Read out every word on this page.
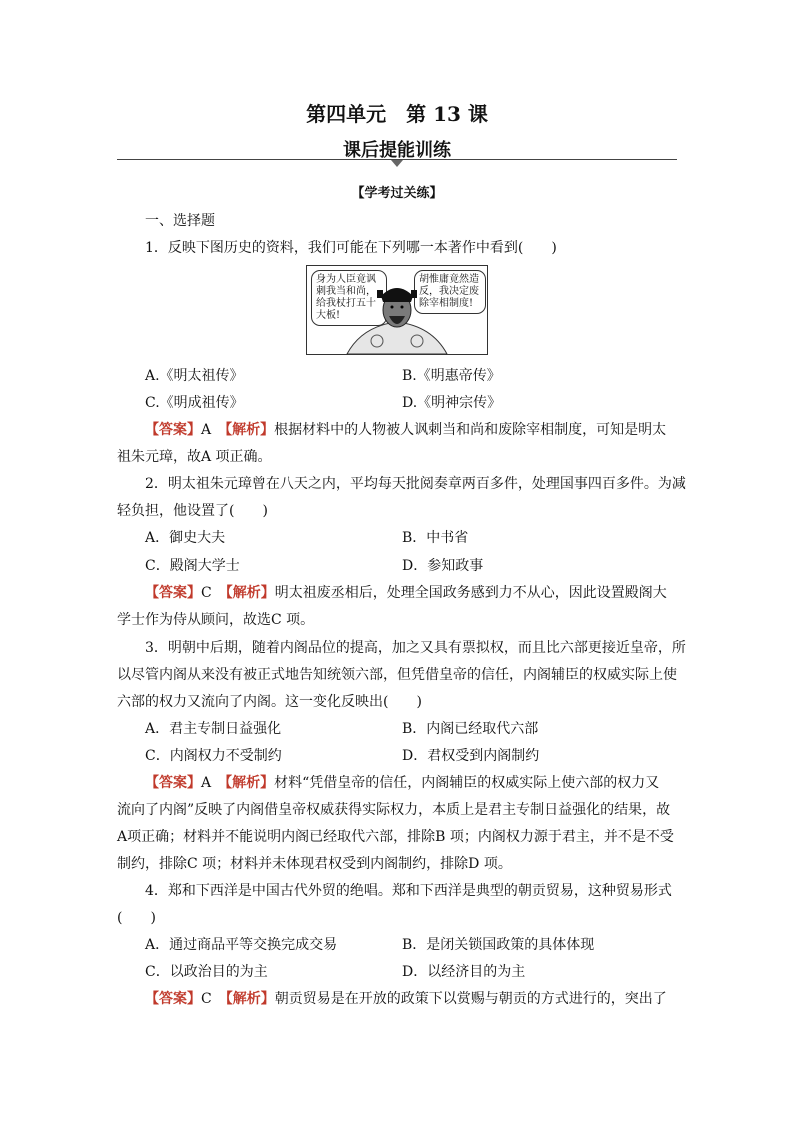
第四单元　第 13 课
课后提能训练
【学考过关练】
一、选择题
1．反映下图历史的资料，我们可能在下列哪一本著作中看到(　　)
身为人臣竟讽刺我当和尚，给我杖打五十大板!
胡惟庸竟然造反，我决定废除宰相制度!
A.《明太祖传》	B.《明惠帝传》
C.《明成祖传》	D.《明神宗传》
【答案】A　【解析】根据材料中的人物被人讽刺当和尚和废除宰相制度，可知是明太
祖朱元璋，故A 项正确。
2．明太祖朱元璋曾在八天之内，平均每天批阅奏章两百多件，处理国事四百多件。为减
轻负担，他设置了(　　)
A．御史大夫	B．中书省
C．殿阁大学士	D．参知政事
【答案】C　【解析】明太祖废丞相后，处理全国政务感到力不从心，因此设置殿阁大
学士作为侍从顾问，故选C 项。
3．明朝中后期，随着内阁品位的提高，加之又具有票拟权，而且比六部更接近皇帝，所
以尽管内阁从来没有被正式地告知统领六部，但凭借皇帝的信任，内阁辅臣的权威实际上使
六部的权力又流向了内阁。这一变化反映出(　　)
A．君主专制日益强化	B．内阁已经取代六部
C．内阁权力不受制约	D．君权受到内阁制约
【答案】A　【解析】材料“凭借皇帝的信任，内阁辅臣的权威实际上使六部的权力又
流向了内阁”反映了内阁借皇帝权威获得实际权力，本质上是君主专制日益强化的结果，故
A项正确；材料并不能说明内阁已经取代六部，排除B 项；内阁权力源于君主，并不是不受
制约，排除C 项；材料并未体现君权受到内阁制约，排除D 项。
4．郑和下西洋是中国古代外贸的绝唱。郑和下西洋是典型的朝贡贸易，这种贸易形式
(　　)
A．通过商品平等交换完成交易	B．是闭关锁国政策的具体体现
C．以政治目的为主	D．以经济目的为主
【答案】C　【解析】朝贡贸易是在开放的政策下以赏赐与朝贡的方式进行的，突出了
